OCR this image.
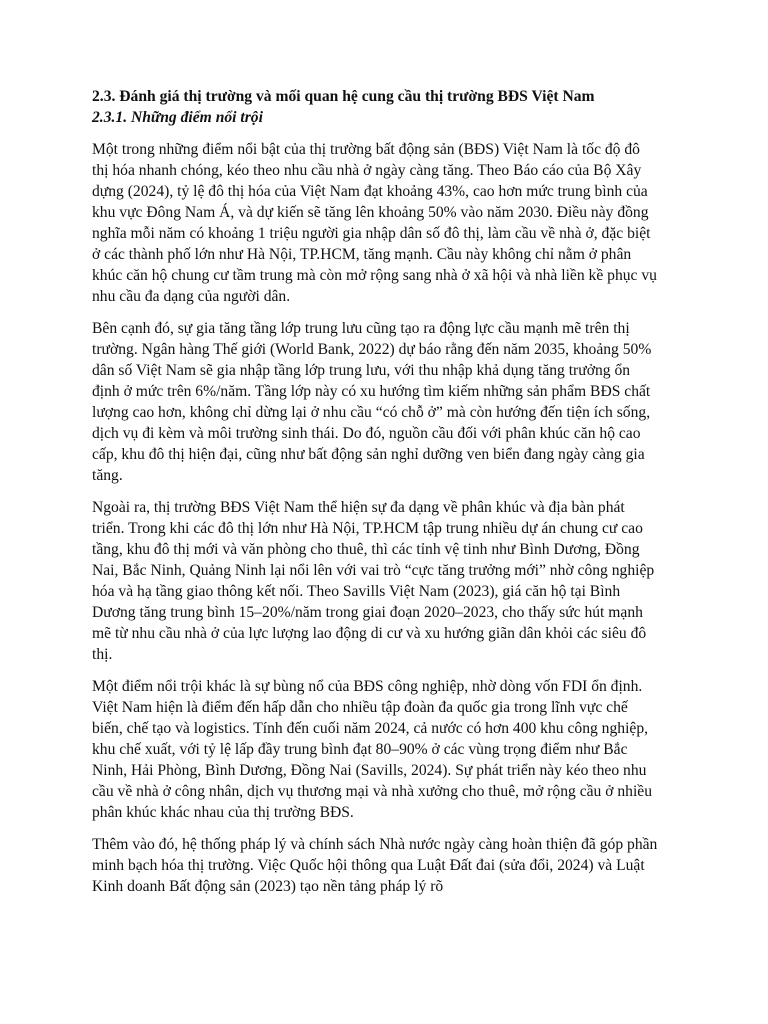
2.3. Đánh giá thị trường và mối quan hệ cung cầu thị trường BĐS Việt Nam

2.3.1. Những điểm nổi trội

Một trong những điểm nổi bật của thị trường bất động sản (BĐS) Việt Nam là tốc độ đô thị hóa nhanh chóng, kéo theo nhu cầu nhà ở ngày càng tăng. Theo Báo cáo của Bộ Xây dựng (2024), tỷ lệ đô thị hóa của Việt Nam đạt khoảng 43%, cao hơn mức trung bình của khu vực Đông Nam Á, và dự kiến sẽ tăng lên khoảng 50% vào năm 2030. Điều này đồng nghĩa mỗi năm có khoảng 1 triệu người gia nhập dân số đô thị, làm cầu về nhà ở, đặc biệt ở các thành phố lớn như Hà Nội, TP.HCM, tăng mạnh. Cầu này không chỉ nằm ở phân khúc căn hộ chung cư tầm trung mà còn mở rộng sang nhà ở xã hội và nhà liền kề phục vụ nhu cầu đa dạng của người dân.

Bên cạnh đó, sự gia tăng tầng lớp trung lưu cũng tạo ra động lực cầu mạnh mẽ trên thị trường. Ngân hàng Thế giới (World Bank, 2022) dự báo rằng đến năm 2035, khoảng 50% dân số Việt Nam sẽ gia nhập tầng lớp trung lưu, với thu nhập khả dụng tăng trưởng ổn định ở mức trên 6%/năm. Tầng lớp này có xu hướng tìm kiếm những sản phẩm BĐS chất lượng cao hơn, không chỉ dừng lại ở nhu cầu “có chỗ ở” mà còn hướng đến tiện ích sống, dịch vụ đi kèm và môi trường sinh thái. Do đó, nguồn cầu đối với phân khúc căn hộ cao cấp, khu đô thị hiện đại, cũng như bất động sản nghỉ dưỡng ven biển đang ngày càng gia tăng.

Ngoài ra, thị trường BĐS Việt Nam thể hiện sự đa dạng về phân khúc và địa bàn phát triển. Trong khi các đô thị lớn như Hà Nội, TP.HCM tập trung nhiều dự án chung cư cao tầng, khu đô thị mới và văn phòng cho thuê, thì các tỉnh vệ tinh như Bình Dương, Đồng Nai, Bắc Ninh, Quảng Ninh lại nổi lên với vai trò “cực tăng trưởng mới” nhờ công nghiệp hóa và hạ tầng giao thông kết nối. Theo Savills Việt Nam (2023), giá căn hộ tại Bình Dương tăng trung bình 15–20%/năm trong giai đoạn 2020–2023, cho thấy sức hút mạnh mẽ từ nhu cầu nhà ở của lực lượng lao động di cư và xu hướng giãn dân khỏi các siêu đô thị.

Một điểm nổi trội khác là sự bùng nổ của BĐS công nghiệp, nhờ dòng vốn FDI ổn định. Việt Nam hiện là điểm đến hấp dẫn cho nhiều tập đoàn đa quốc gia trong lĩnh vực chế biến, chế tạo và logistics. Tính đến cuối năm 2024, cả nước có hơn 400 khu công nghiệp, khu chế xuất, với tỷ lệ lấp đầy trung bình đạt 80–90% ở các vùng trọng điểm như Bắc Ninh, Hải Phòng, Bình Dương, Đồng Nai (Savills, 2024). Sự phát triển này kéo theo nhu cầu về nhà ở công nhân, dịch vụ thương mại và nhà xưởng cho thuê, mở rộng cầu ở nhiều phân khúc khác nhau của thị trường BĐS.

Thêm vào đó, hệ thống pháp lý và chính sách Nhà nước ngày càng hoàn thiện đã góp phần minh bạch hóa thị trường. Việc Quốc hội thông qua Luật Đất đai (sửa đổi, 2024) và Luật Kinh doanh Bất động sản (2023) tạo nền tảng pháp lý rõ
